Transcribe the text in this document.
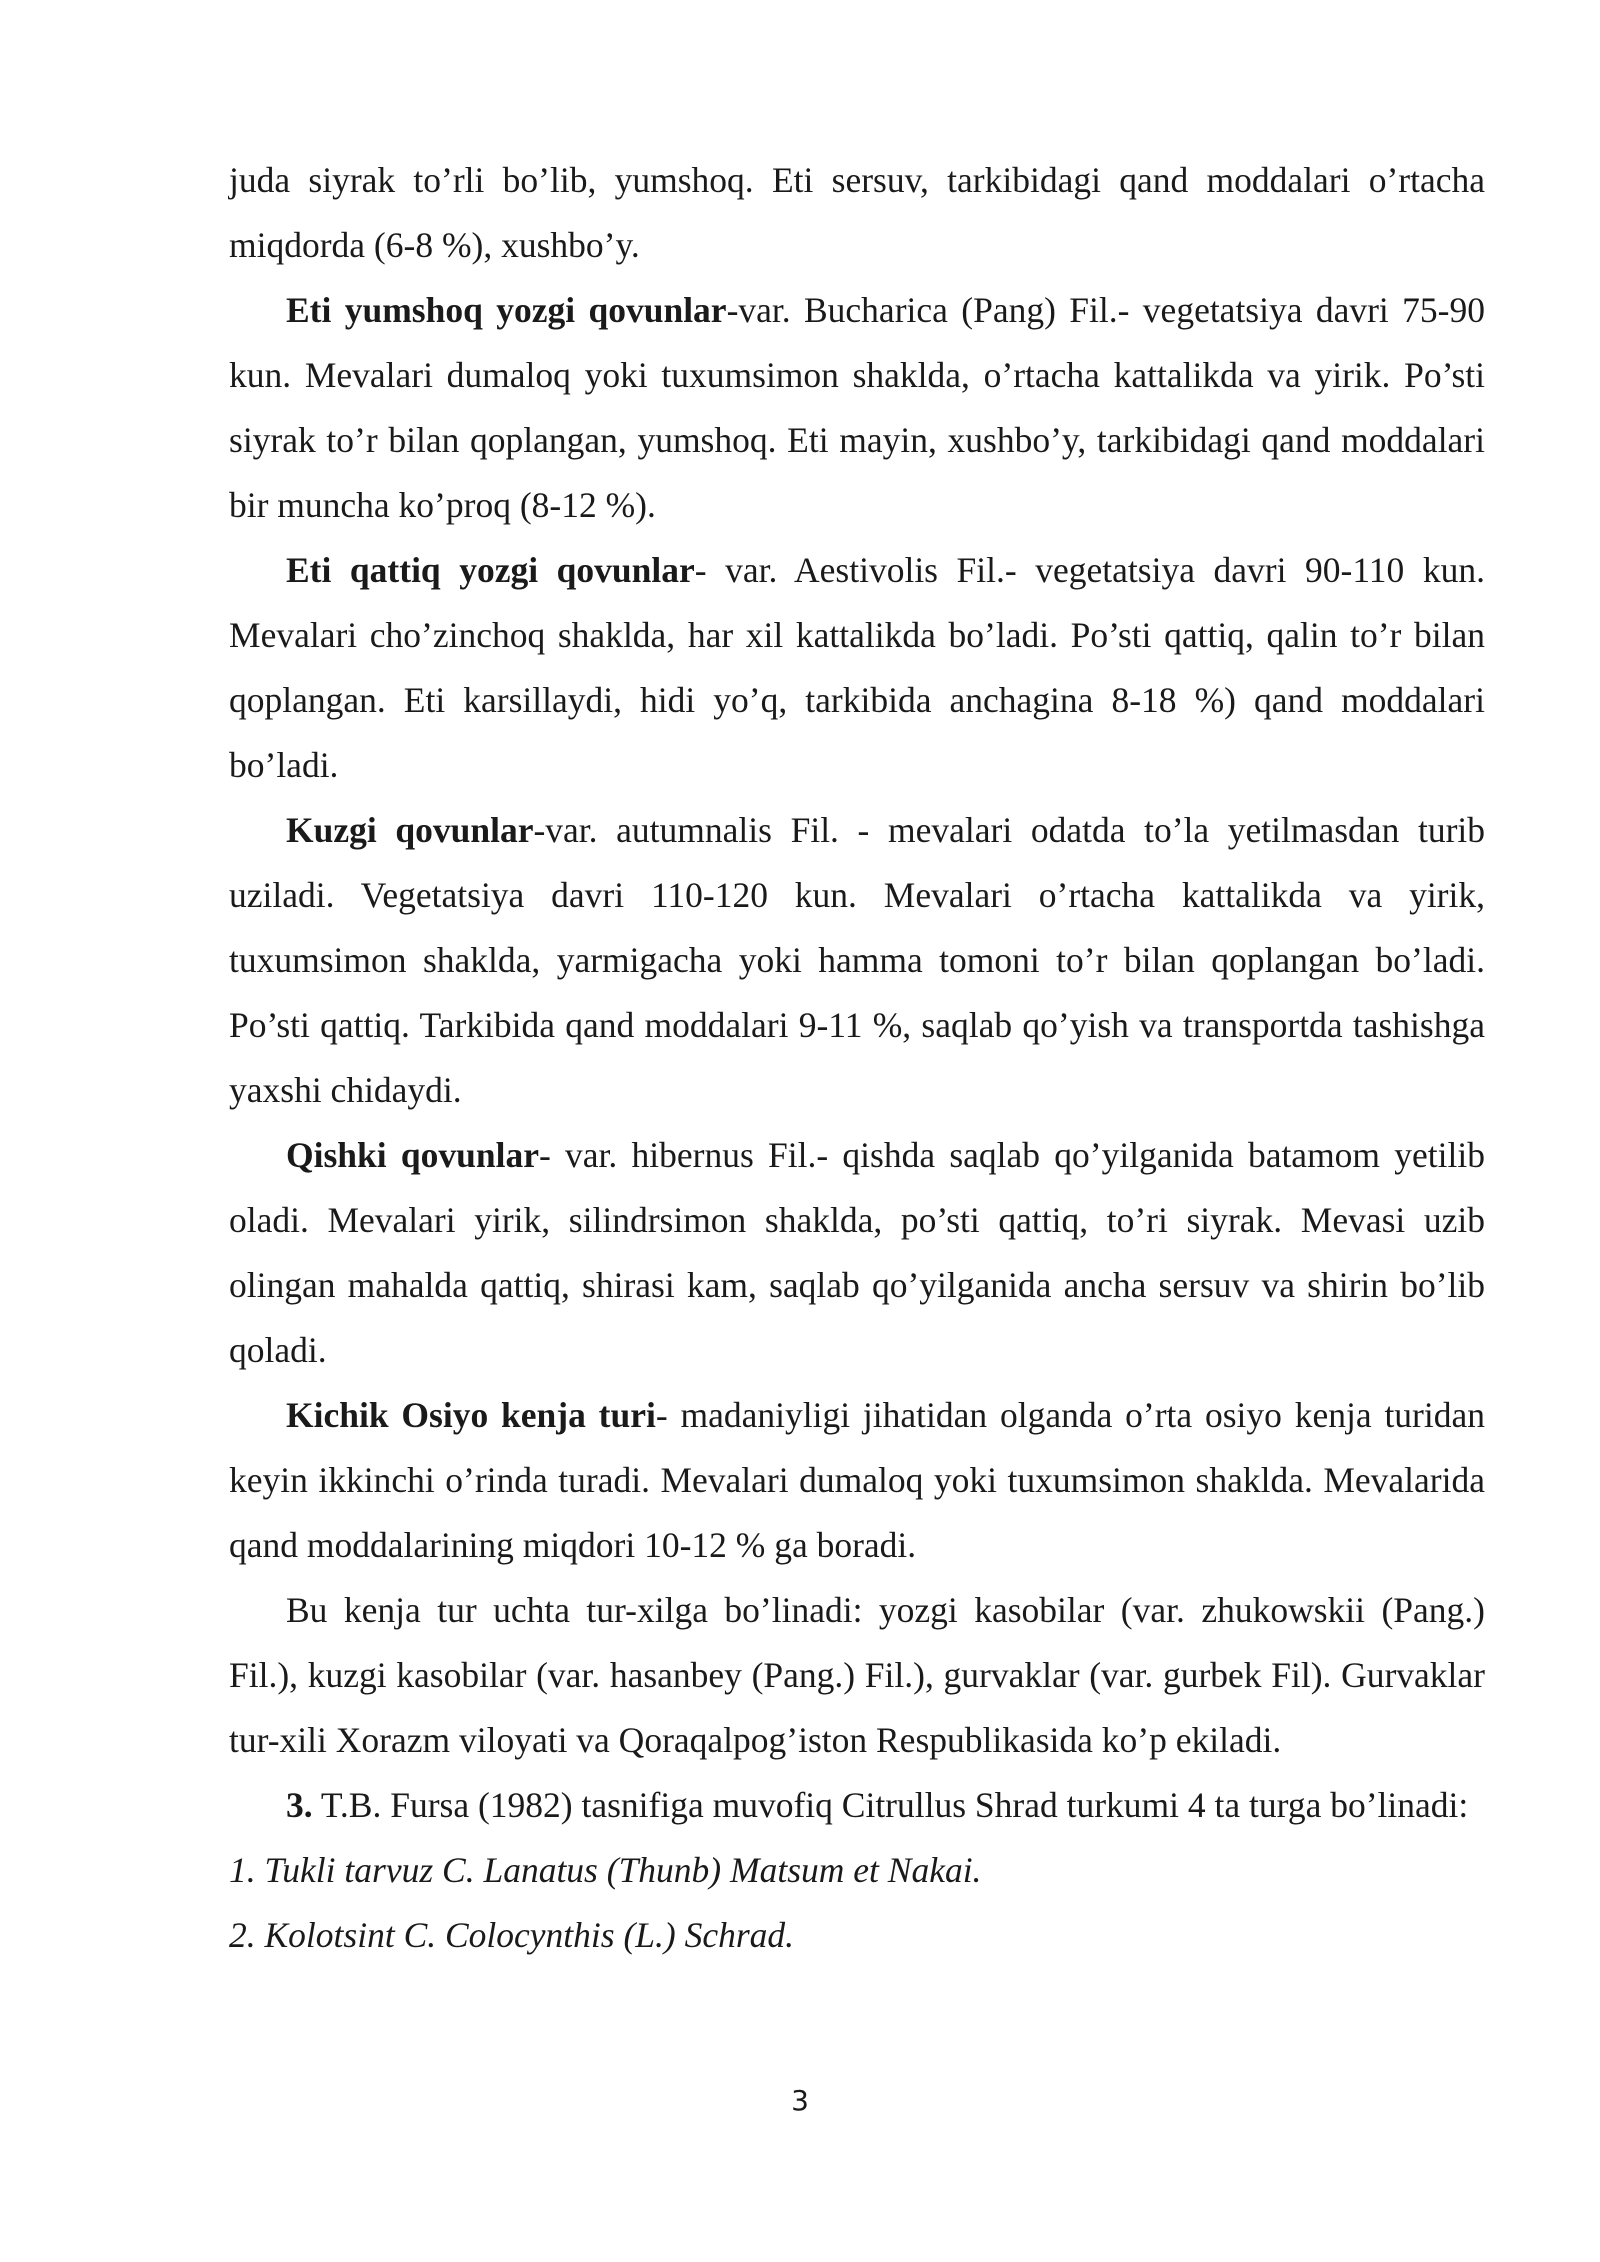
juda siyrak to’rli bo’lib, yumshoq. Eti sersuv, tarkibidagi qand moddalari o’rtacha miqdorda (6-8 %), xushbo’y.

Eti yumshoq yozgi qovunlar-var. Bucharica (Pang) Fil.- vegetatsiya davri 75-90 kun. Mevalari dumaloq yoki tuxumsimon shaklda, o’rtacha kattalikda va yirik. Po’sti siyrak to’r bilan qoplangan, yumshoq. Eti mayin, xushbo’y, tarkibidagi qand moddalari bir muncha ko’proq (8-12 %).

Eti qattiq yozgi qovunlar- var. Aestivolis Fil.- vegetatsiya davri 90-110 kun. Mevalari cho’zinchoq shaklda, har xil kattalikda bo’ladi. Po’sti qattiq, qalin to’r bilan qoplangan. Eti karsillaydi, hidi yo’q, tarkibida anchagina 8-18 %) qand moddalari bo’ladi.

Kuzgi qovunlar-var. autumnalis Fil. - mevalari odatda to’la yetilmasdan turib uziladi. Vegetatsiya davri 110-120 kun. Mevalari o’rtacha kattalikda va yirik, tuxumsimon shaklda, yarmigacha yoki hamma tomoni to’r bilan qoplangan bo’ladi. Po’sti qattiq. Tarkibida qand moddalari 9-11 %, saqlab qo’yish va transportda tashishga yaxshi chidaydi.

Qishki qovunlar- var. hibernus Fil.- qishda saqlab qo’yilganida batamom yetilib oladi. Mevalari yirik, silindrsimon shaklda, po’sti qattiq, to’ri siyrak. Mevasi uzib olingan mahalda qattiq, shirasi kam, saqlab qo’yilganida ancha sersuv va shirin bo’lib qoladi.

Kichik Osiyo kenja turi- madaniyligi jihatidan olganda o’rta osiyo kenja turidan keyin ikkinchi o’rinda turadi. Mevalari dumaloq yoki tuxumsimon shaklda. Mevalarida qand moddalarining miqdori 10-12 % ga boradi.

Bu kenja tur uchta tur-xilga bo’linadi: yozgi kasobilar (var. zhukowskii (Pang.) Fil.), kuzgi kasobilar (var. hasanbey (Pang.) Fil.), gurvaklar (var. gurbek Fil). Gurvaklar tur-xili Xorazm viloyati va Qoraqalpog’iston Respublikasida ko’p ekiladi.

3. T.B. Fursa (1982) tasnifiga muvofiq Citrullus Shrad turkumi 4 ta turga bo’linadi:

1. Tukli tarvuz C. Lanatus (Thunb) Matsum et Nakai.

2. Kolotsint C. Colocynthis (L.) Schrad.

3
